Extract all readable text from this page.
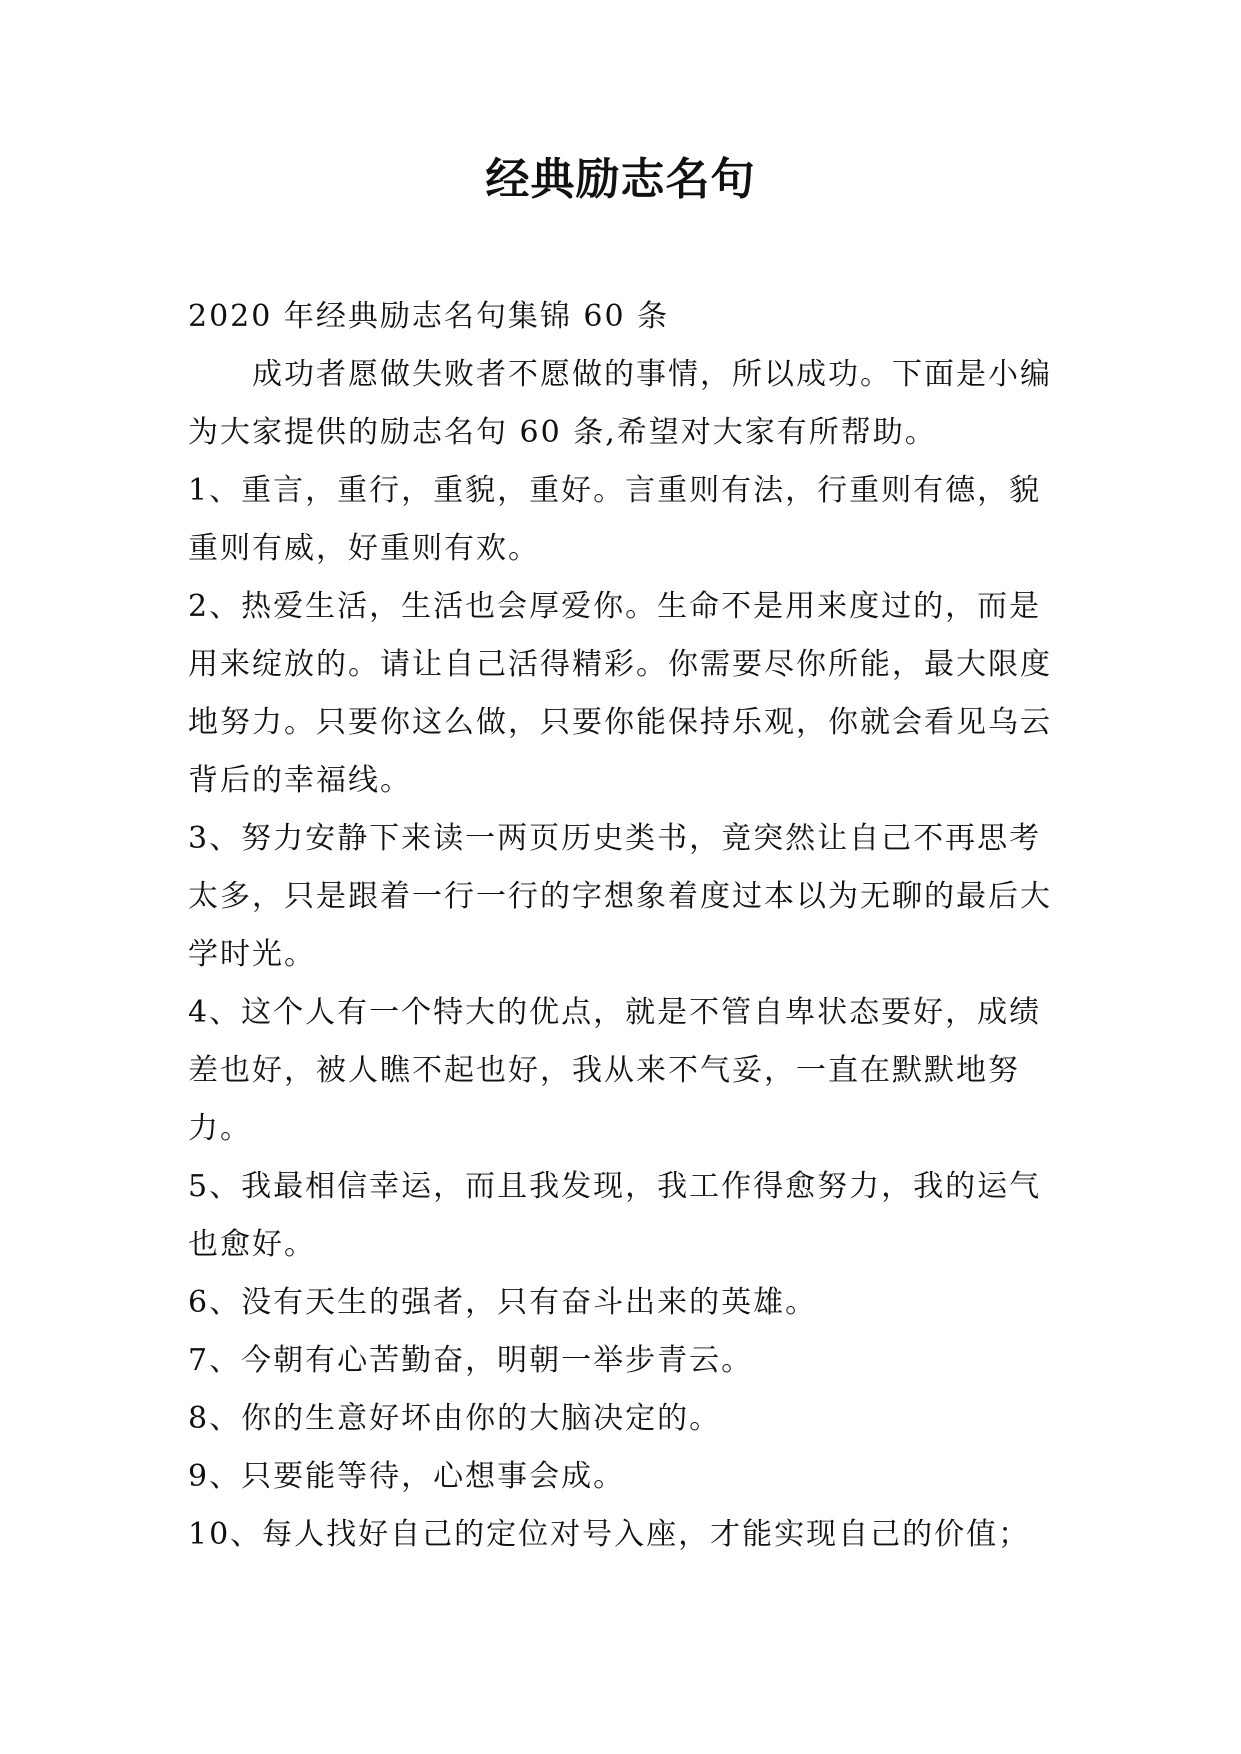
经典励志名句

2020 年经典励志名句集锦 60 条

成功者愿做失败者不愿做的事情，所以成功。下面是小编为大家提供的励志名句 60 条,希望对大家有所帮助。

1、重言，重行，重貌，重好。言重则有法，行重则有德，貌重则有威，好重则有欢。

2、热爱生活，生活也会厚爱你。生命不是用来度过的，而是用来绽放的。请让自己活得精彩。你需要尽你所能，最大限度地努力。只要你这么做，只要你能保持乐观，你就会看见乌云背后的幸福线。

3、努力安静下来读一两页历史类书，竟突然让自己不再思考太多，只是跟着一行一行的字想象着度过本以为无聊的最后大学时光。

4、这个人有一个特大的优点，就是不管自卑状态要好，成绩差也好，被人瞧不起也好，我从来不气妥，一直在默默地努力。

5、我最相信幸运，而且我发现，我工作得愈努力，我的运气也愈好。

6、没有天生的强者，只有奋斗出来的英雄。

7、今朝有心苦勤奋，明朝一举步青云。

8、你的生意好坏由你的大脑决定的。

9、只要能等待，心想事会成。

10、每人找好自己的定位对号入座，才能实现自己的价值；
